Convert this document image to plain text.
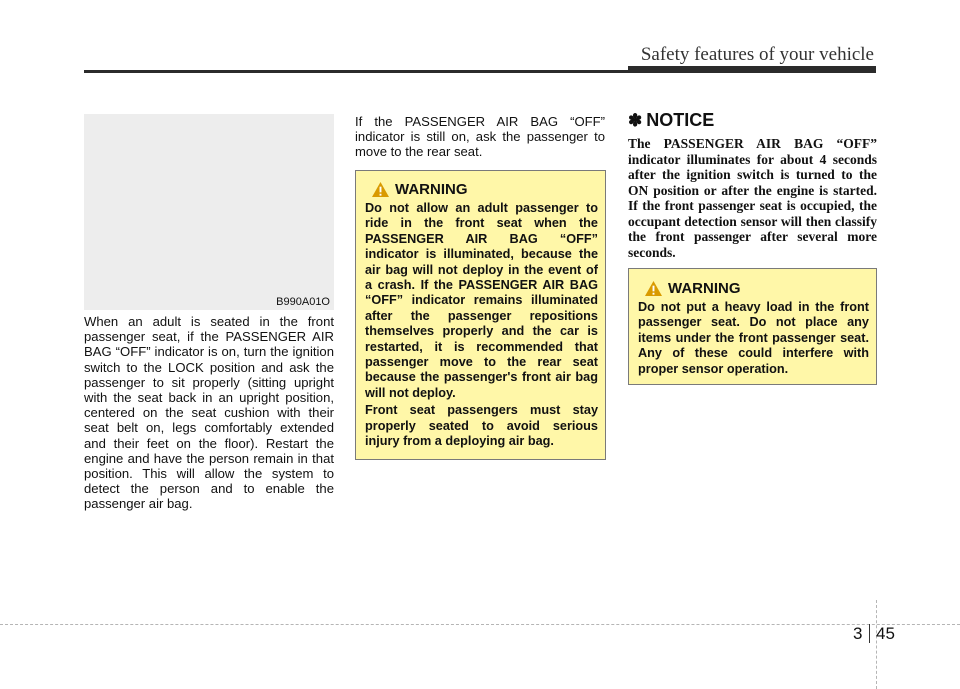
Safety features of your vehicle
B990A01O

When an adult is seated in the front passenger seat, if the PASSENGER AIR BAG “OFF” indicator is on, turn the ignition switch to the LOCK position and ask the passenger to sit properly (sitting upright with the seat back in an upright position, centered on the seat cushion with their seat belt on, legs comfortably extended and their feet on the floor). Restart the engine and have the person remain in that position. This will allow the system to detect the person and to enable the passenger air bag.

If the PASSENGER AIR BAG “OFF” indicator is still on, ask the passenger to move to the rear seat.

WARNING

Do not allow an adult passenger to ride in the front seat when the PASSENGER AIR BAG “OFF” indicator is illuminated, because the air bag will not deploy in the event of a crash. If the PASSENGER AIR BAG “OFF” indicator remains illuminated after the passenger repositions themselves properly and the car is restarted, it is recommended that passenger move to the rear seat because the passenger's front air bag will not deploy.

Front seat passengers must stay properly seated to avoid serious injury from a deploying air bag.

✽ NOTICE

The PASSENGER AIR BAG “OFF” indicator illuminates for about 4 seconds after the ignition switch is turned to the ON position or after the engine is started. If the front passenger seat is occupied, the occupant detection sensor will then classify the front passenger after several more seconds.

WARNING

Do not put a heavy load in the front passenger seat. Do not place any items under the front passenger seat. Any of these could interfere with proper sensor operation.

3 45
